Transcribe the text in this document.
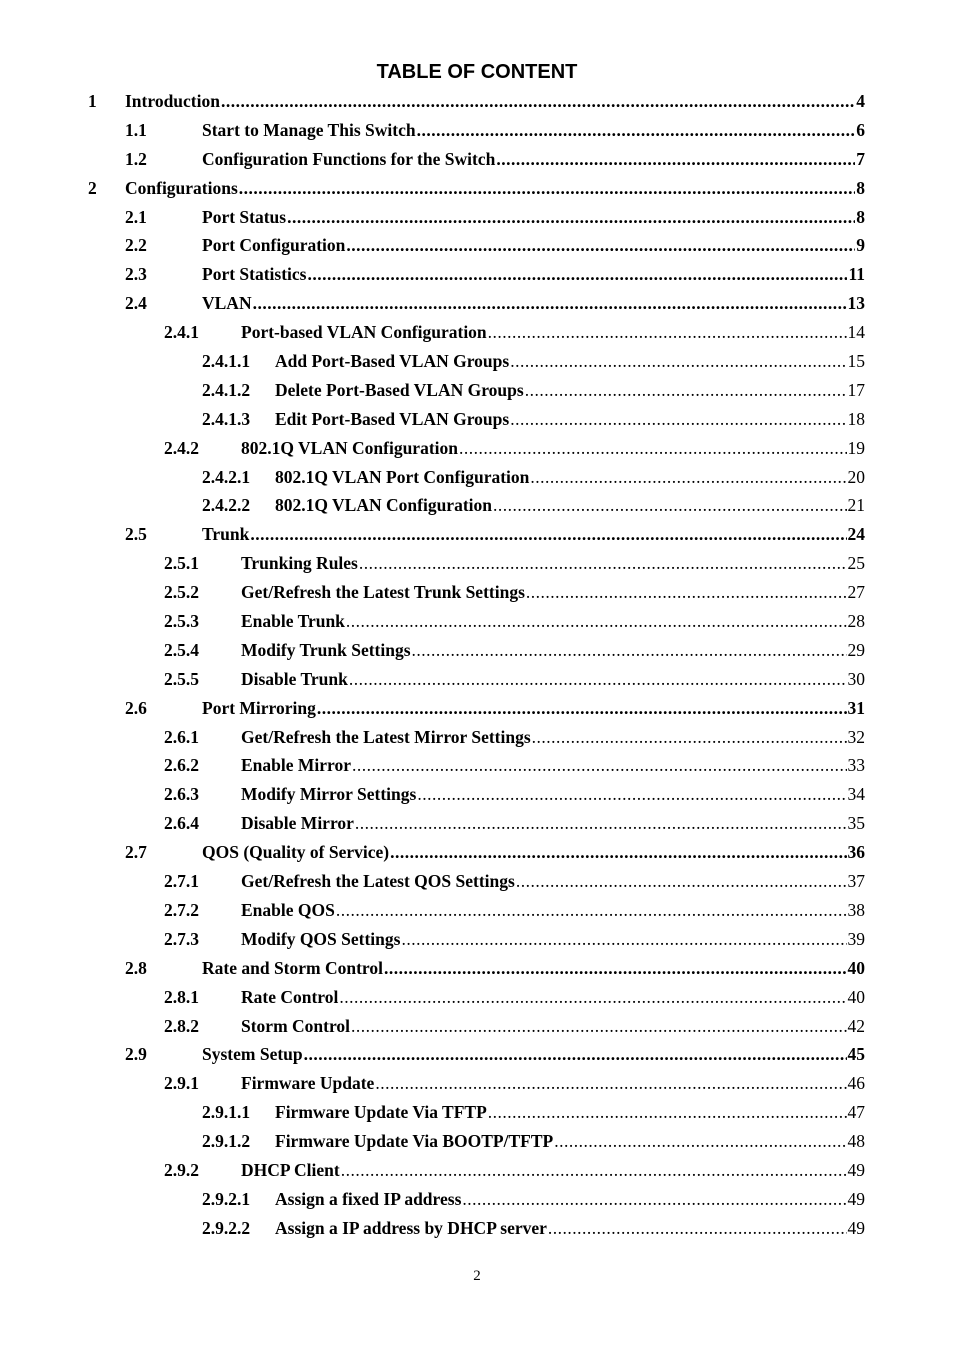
TABLE OF CONTENT
1 Introduction .....	4
1.1	Start to Manage This Switch .....	6
1.2	Configuration Functions for the Switch .....	7
2 Configurations .....	8
2.1	Port Status .....	8
2.2	Port Configuration .....	9
2.3	Port Statistics .....	11
2.4	VLAN .....	13
2.4.1 Port-based VLAN Configuration .....	14
2.4.1.1 Add Port-Based VLAN Groups .....	15
2.4.1.2 Delete Port-Based VLAN Groups .....	17
2.4.1.3 Edit Port-Based VLAN Groups .....	18
2.4.2 802.1Q VLAN Configuration .....	19
2.4.2.1 802.1Q VLAN Port Configuration .....	20
2.4.2.2 802.1Q VLAN Configuration .....	21
2.5	Trunk .....	24
2.5.1 Trunking Rules .....	25
2.5.2 Get/Refresh the Latest Trunk Settings .....	27
2.5.3 Enable Trunk .....	28
2.5.4 Modify Trunk Settings .....	29
2.5.5 Disable Trunk .....	30
2.6	Port Mirroring .....	31
2.6.1 Get/Refresh the Latest Mirror Settings .....	32
2.6.2 Enable Mirror .....	33
2.6.3 Modify Mirror Settings .....	34
2.6.4 Disable Mirror .....	35
2.7	QOS (Quality of Service) .....	36
2.7.1 Get/Refresh the Latest QOS Settings .....	37
2.7.2 Enable QOS .....	38
2.7.3 Modify QOS Settings .....	39
2.8	Rate and Storm Control .....	40
2.8.1 Rate Control .....	40
2.8.2 Storm Control .....	42
2.9	System Setup .....	45
2.9.1 Firmware Update .....	46
2.9.1.1 Firmware Update Via TFTP .....	47
2.9.1.2 Firmware Update Via BOOTP/TFTP .....	48
2.9.2 DHCP Client .....	49
2.9.2.1 Assign a fixed IP address .....	49
2.9.2.2 Assign a IP address by DHCP server .....	49
2
